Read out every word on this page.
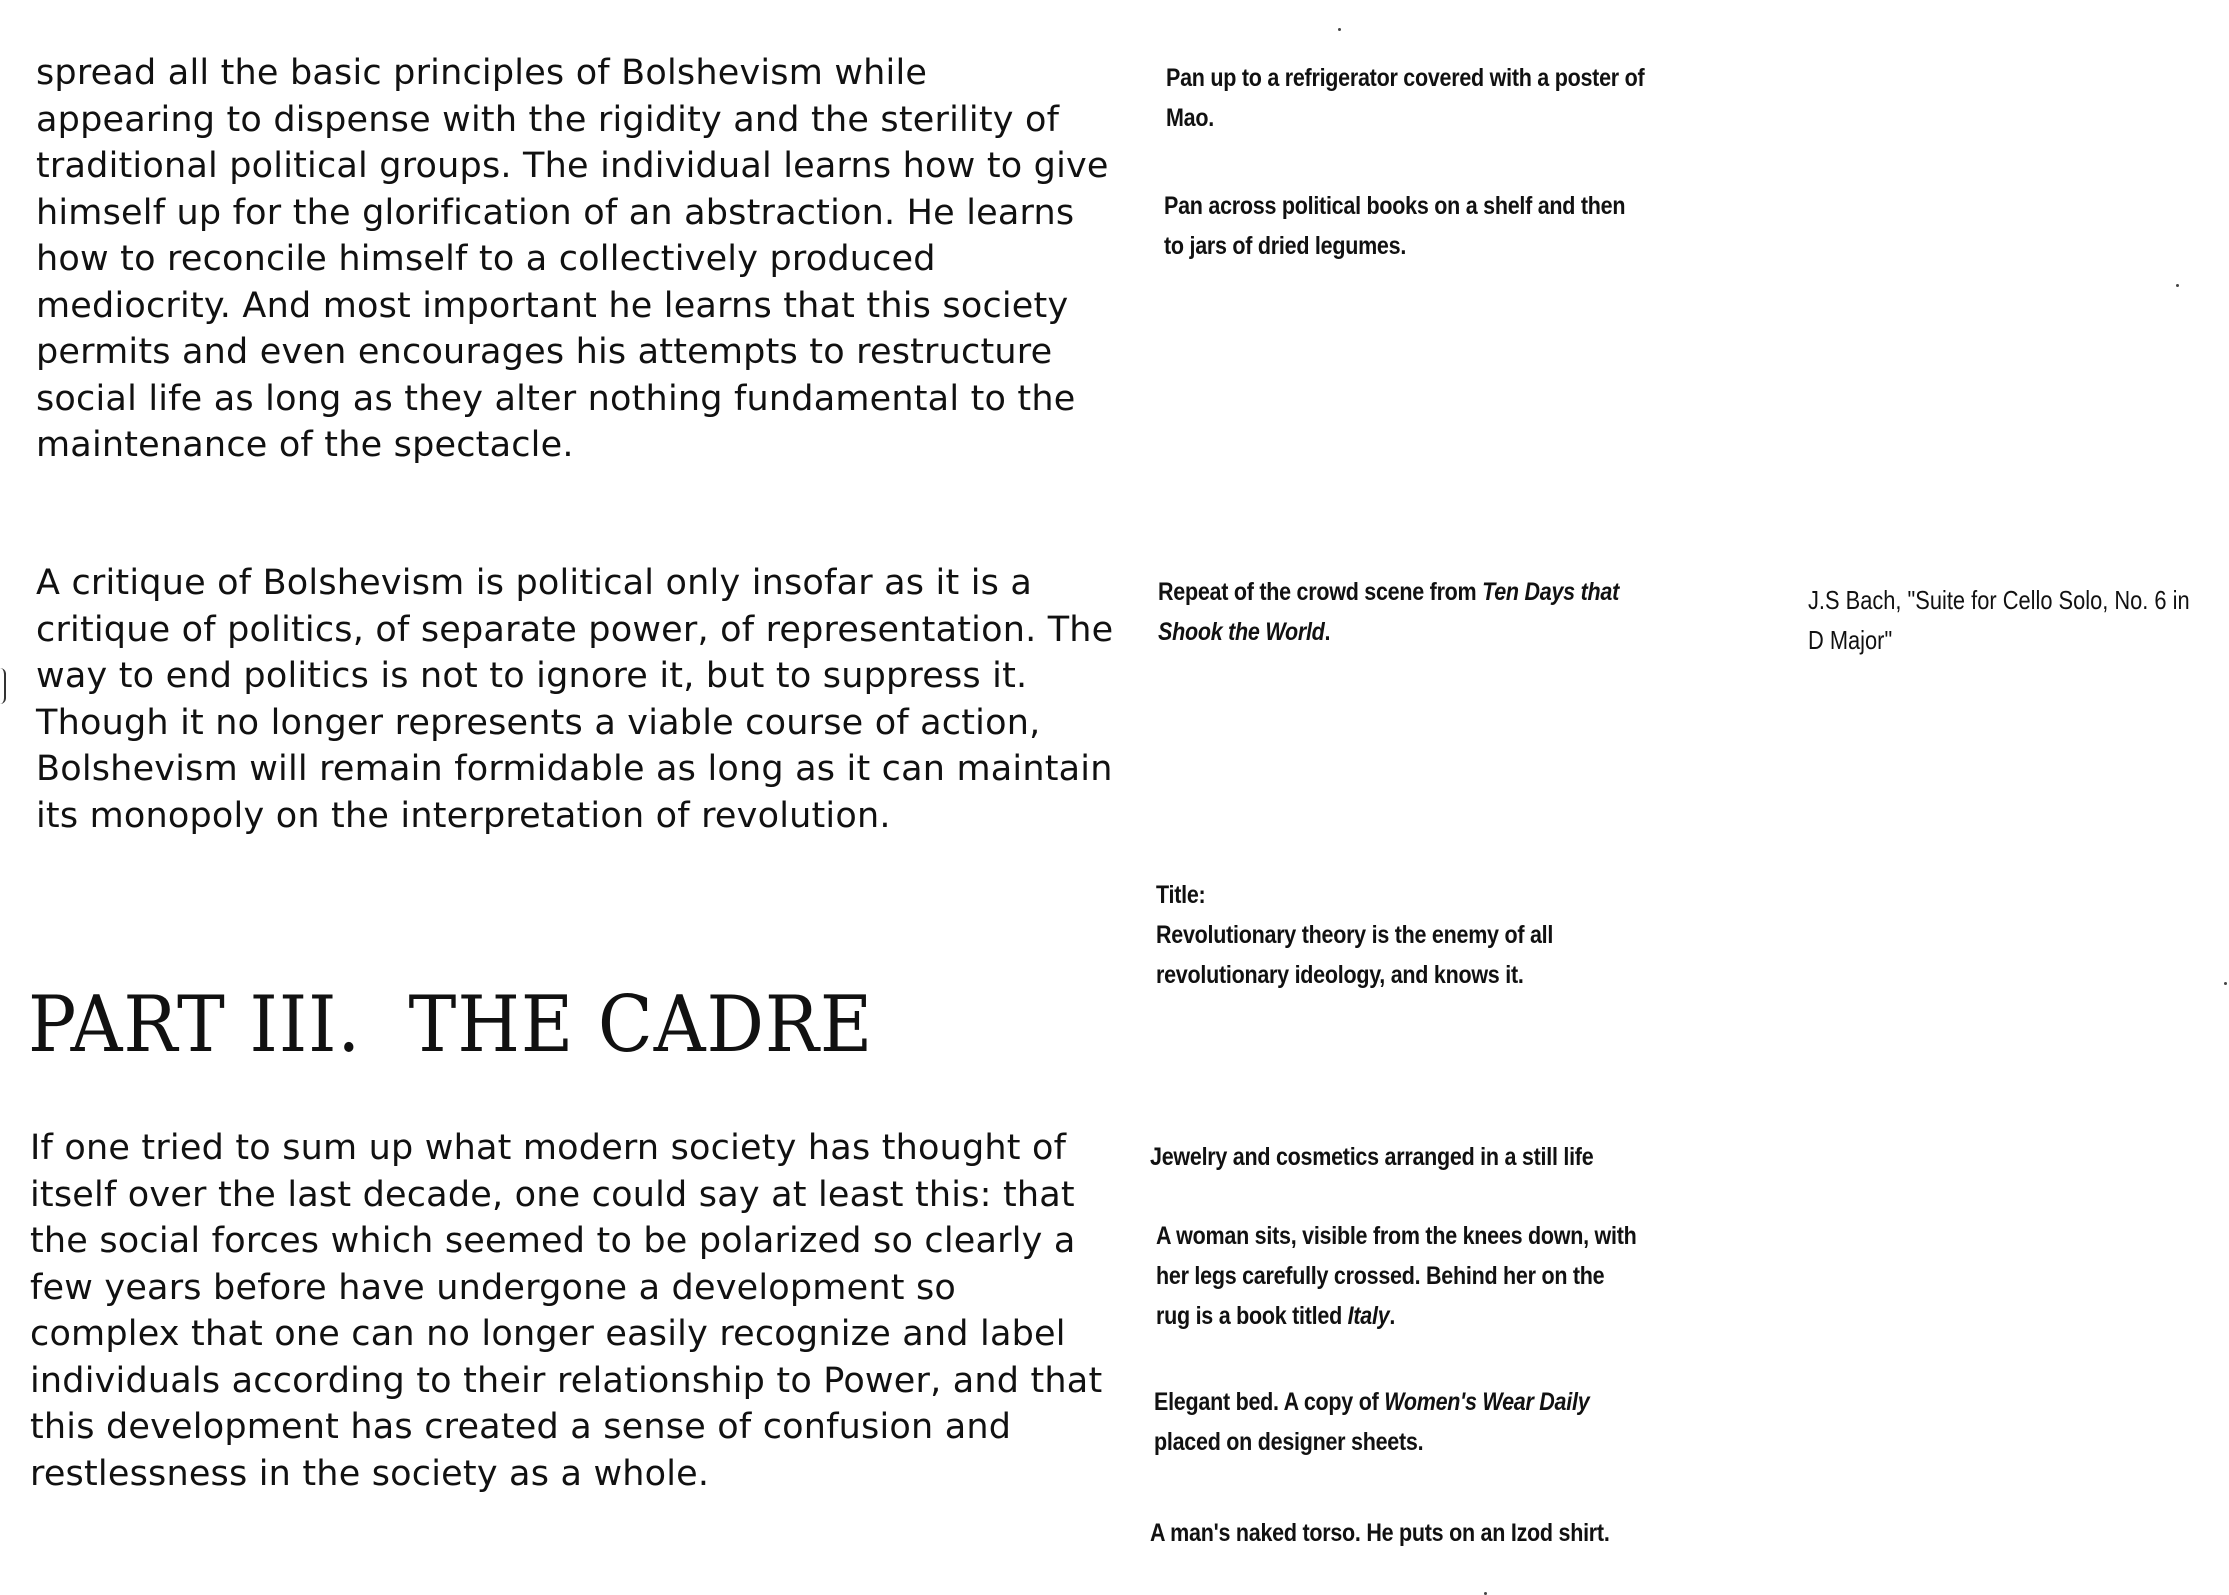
spread all the basic principles of Bolshevism while appearing to dispense with the rigidity and the sterility of traditional political groups. The individual learns how to give himself up for the glorification of an abstraction. He learns how to reconcile himself to a collectively produced mediocrity. And most important he learns that this society permits and even encourages his attempts to restructure social life as long as they alter nothing fundamental to the maintenance of the spectacle.

A critique of Bolshevism is political only insofar as it is a critique of politics, of separate power, of representation. The way to end politics is not to ignore it, but to suppress it. Though it no longer represents a viable course of action, Bolshevism will remain formidable as long as it can maintain its monopoly on the interpretation of revolution.

PART III.  THE CADRE

If one tried to sum up what modern society has thought of itself over the last decade, one could say at least this: that the social forces which seemed to be polarized so clearly a few years before have undergone a development so complex that one can no longer easily recognize and label individuals according to their relationship to Power, and that this development has created a sense of confusion and restlessness in the society as a whole.

Pan up to a refrigerator covered with a poster of Mao.

Pan across political books on a shelf and then to jars of dried legumes.

Repeat of the crowd scene from Ten Days that Shook the World.

Title:
Revolutionary theory is the enemy of all revolutionary ideology, and knows it.

Jewelry and cosmetics arranged in a still life

A woman sits, visible from the knees down, with her legs carefully crossed. Behind her on the rug is a book titled Italy.

Elegant bed. A copy of Women's Wear Daily placed on designer sheets.

A man's naked torso. He puts on an Izod shirt.

J.S Bach, "Suite for Cello Solo, No. 6 in D Major"
